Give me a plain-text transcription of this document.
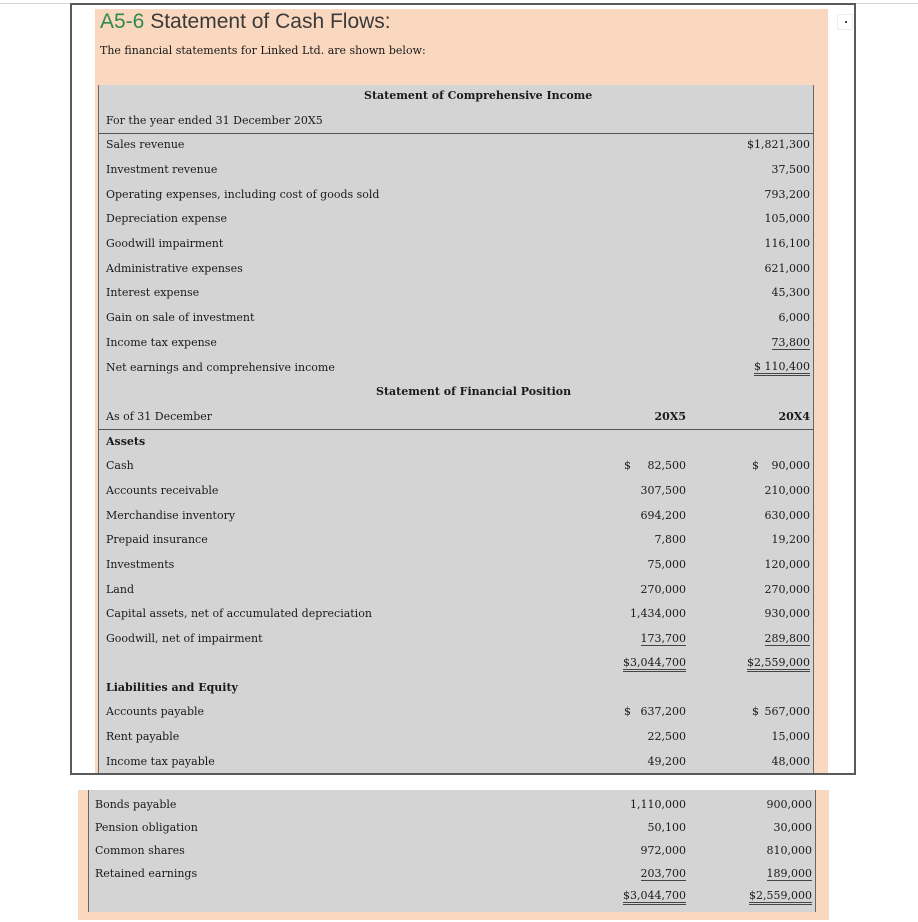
A5-6 Statement of Cash Flows:
The financial statements for Linked Ltd. are shown below:
Statement of Comprehensive Income
For the year ended 31 December 20X5
Sales revenue	$1,821,300
Investment revenue	37,500
Operating expenses, including cost of goods sold	793,200
Depreciation expense	105,000
Goodwill impairment	116,100
Administrative expenses	621,000
Interest expense	45,300
Gain on sale of investment	6,000
Income tax expense	73,800
Net earnings and comprehensive income	$ 110,400
Statement of Financial Position
As of 31 December	20X5	20X4
Assets
Cash	$	82,500	$	90,000
Accounts receivable	307,500	210,000
Merchandise inventory	694,200	630,000
Prepaid insurance	7,800	19,200
Investments	75,000	120,000
Land	270,000	270,000
Capital assets, net of accumulated depreciation	1,434,000	930,000
Goodwill, net of impairment	173,700	289,800
$3,044,700	$2,559,000
Liabilities and Equity
Accounts payable	$ 637,200	$ 567,000
Rent payable	22,500	15,000
Income tax payable	49,200	48,000
Bonds payable	1,110,000	900,000
Pension obligation	50,100	30,000
Common shares	972,000	810,000
Retained earnings	203,700	189,000
$3,044,700	$2,559,000
